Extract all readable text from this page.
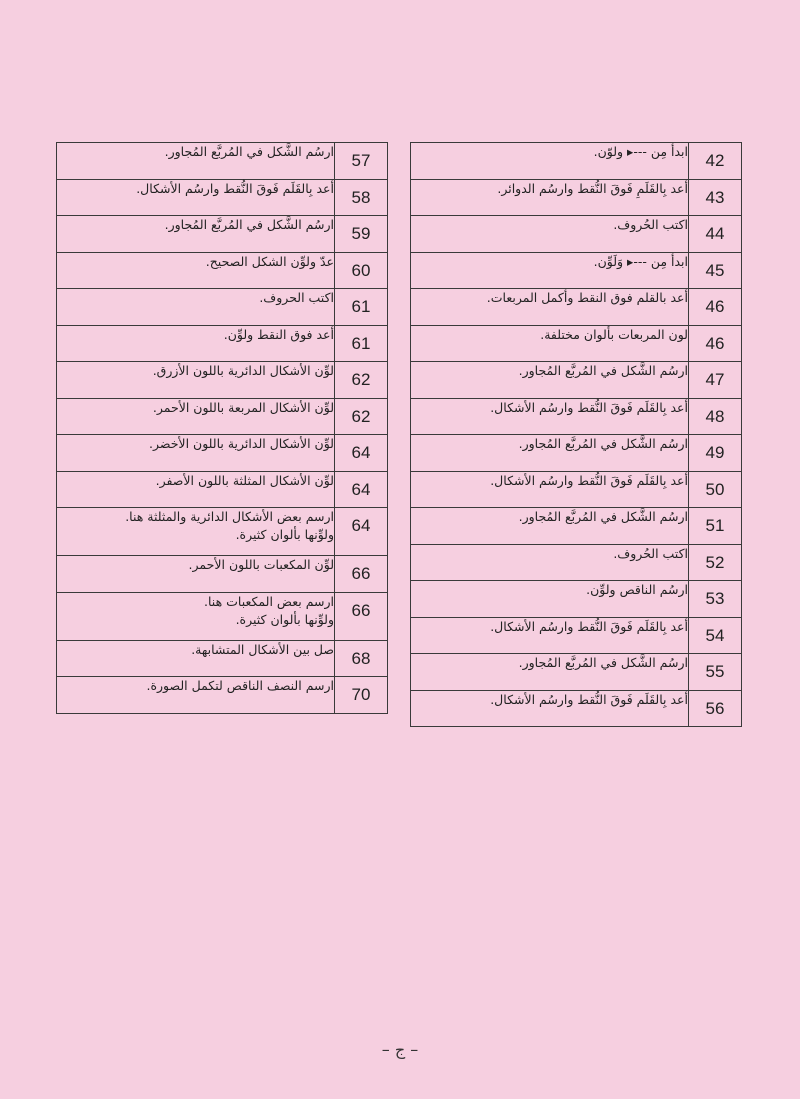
42	ابدأ مِن ---▸ ولوّن.
43	أعد بِالقَلَمِ فَوقَ النُّقط وارسُم الدوائر.
44	اكتب الحُروف.
45	ابدأ مِن ---▸ وَلَوِّن.
46	أعد بالقلم فوق النقط وأكمل المربعات.
46	لون المربعات بألوان مختلفة.
47	ارسُم الشَّكل في المُربَّع المُجاور.
48	أعد بِالقَلَم فَوقَ النُّقط وارسُم الأشكال.
49	ارسُم الشَّكل في المُربَّع المُجاور.
50	أعد بِالقَلَم فَوقَ النُّقط وارسُم الأشكال.
51	ارسُم الشَّكل في المُربَّع المُجاور.
52	اكتب الحُروف.
53	ارسُم الناقص ولوِّن.
54	أعد بِالقَلَم فَوقَ النُّقط وارسُم الأشكال.
55	ارسُم الشَّكل في المُربَّع المُجاور.
56	أعد بِالقَلَم فَوقَ النُّقط وارسُم الأشكال.
57	ارسُم الشَّكل في المُربَّع المُجاور.
58	أعد بِالقَلَم فَوقَ النُّقط وارسُم الأشكال.
59	ارسُم الشَّكل في المُربَّع المُجاور.
60	عدّ ولوِّن الشكل الصحيح.
61	اكتب الحروف.
61	أعد فوق النقط ولوِّن.
62	لوِّن الأشكال الدائرية باللون الأزرق.
62	لوِّن الأشكال المربعة باللون الأحمر.
64	لوِّن الأشكال الدائرية باللون الأخضر.
64	لوِّن الأشكال المثلثة باللون الأصفر.
64	ارسم بعض الأشكال الدائرية والمثلثة هنا.
ولوِّنها بألوان كثيرة.
66	لوِّن المكعبات باللون الأحمر.
66	ارسم بعض المكعبات هنا.
ولوِّنها بألوان كثيرة.
68	صل بين الأشكال المتشابهة.
70	ارسم النصف الناقص لتكمل الصورة.
– ج –
